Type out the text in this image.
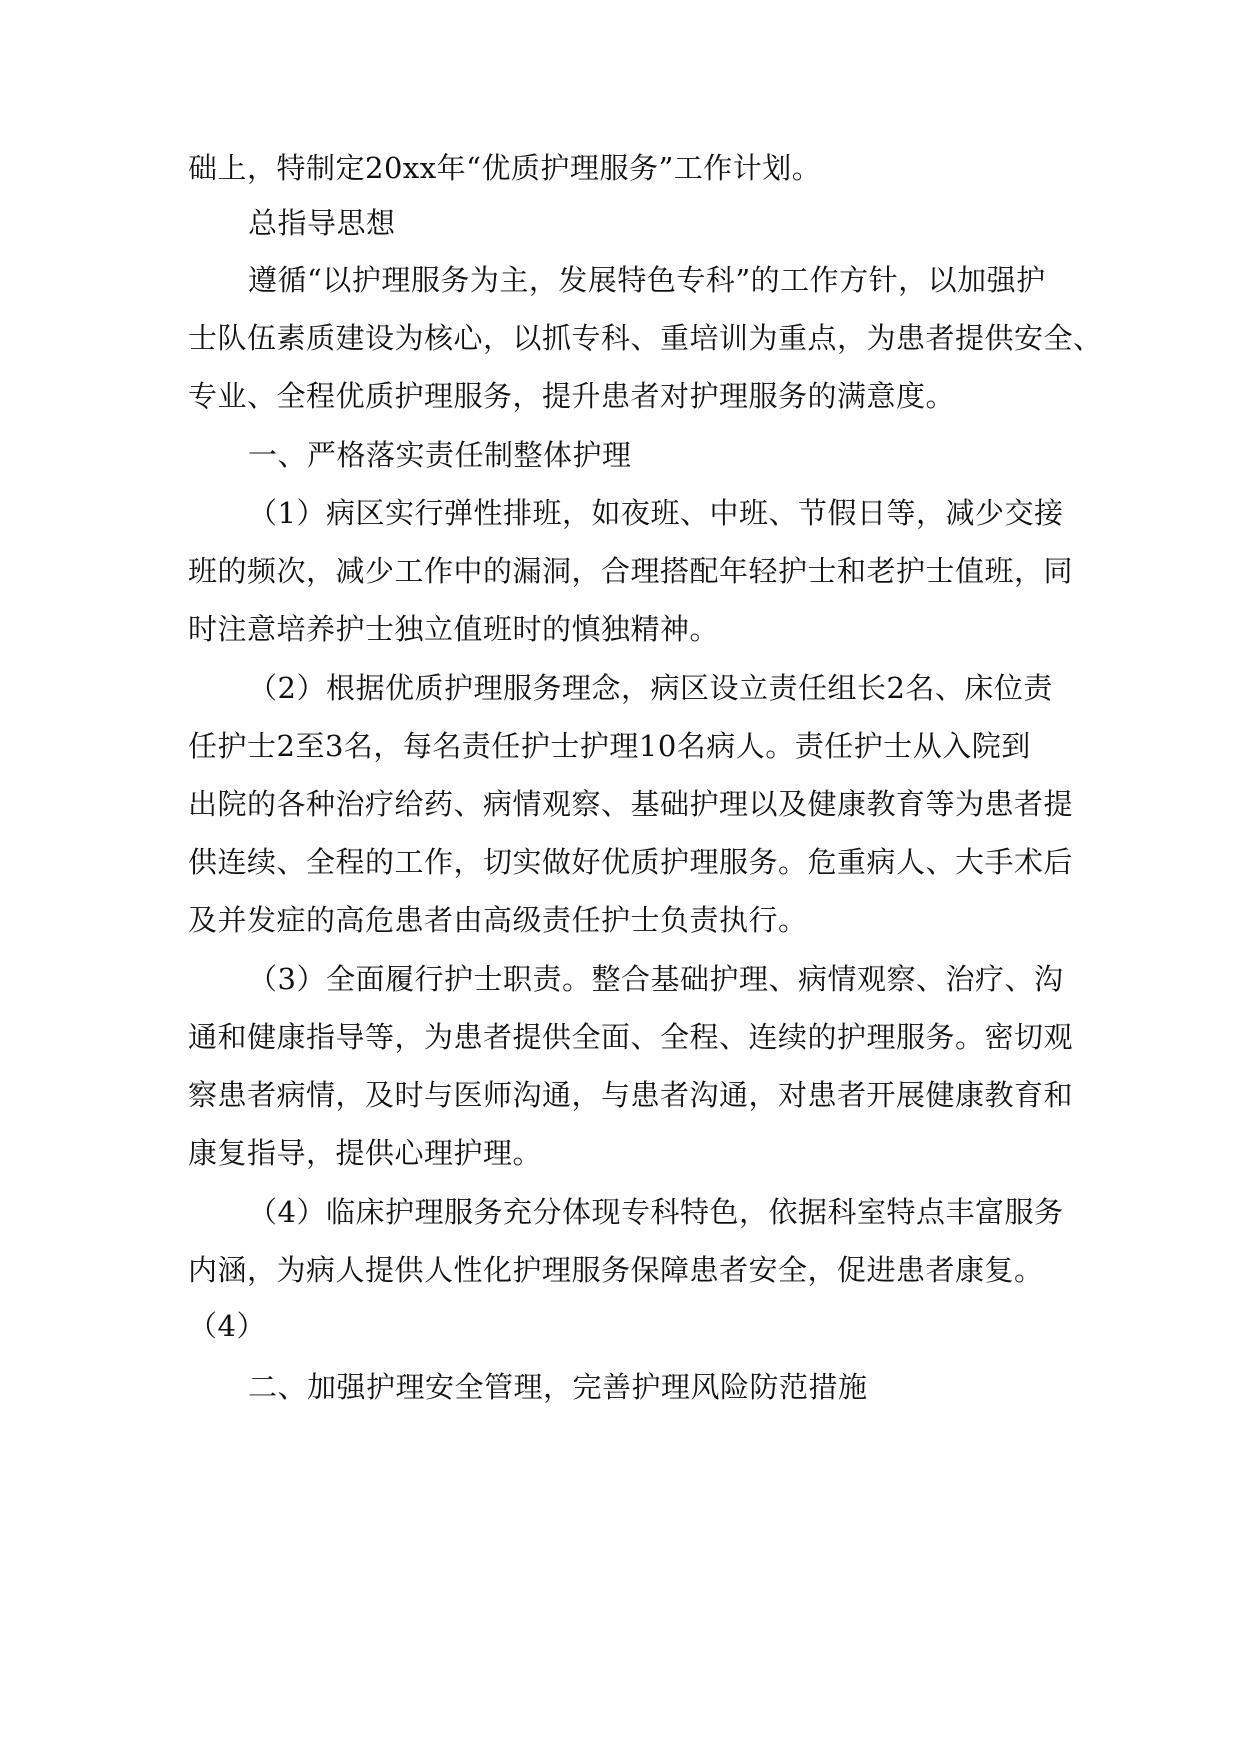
础上，特制定20xx年“优质护理服务”工作计划。
总指导思想
遵循“以护理服务为主，发展特色专科”的工作方针，以加强护
士队伍素质建设为核心，以抓专科、重培训为重点，为患者提供安全、
专业、全程优质护理服务，提升患者对护理服务的满意度。
一、严格落实责任制整体护理
（1）病区实行弹性排班，如夜班、中班、节假日等，减少交接
班的频次，减少工作中的漏洞，合理搭配年轻护士和老护士值班，同
时注意培养护士独立值班时的慎独精神。
（2）根据优质护理服务理念，病区设立责任组长2名、床位责
任护士2至3名，每名责任护士护理10名病人。责任护士从入院到
出院的各种治疗给药、病情观察、基础护理以及健康教育等为患者提
供连续、全程的工作，切实做好优质护理服务。危重病人、大手术后
及并发症的高危患者由高级责任护士负责执行。
（3）全面履行护士职责。整合基础护理、病情观察、治疗、沟
通和健康指导等，为患者提供全面、全程、连续的护理服务。密切观
察患者病情，及时与医师沟通，与患者沟通，对患者开展健康教育和
康复指导，提供心理护理。
（4）临床护理服务充分体现专科特色，依据科室特点丰富服务
内涵，为病人提供人性化护理服务保障患者安全，促进患者康复。
（4）
二、加强护理安全管理，完善护理风险防范措施
